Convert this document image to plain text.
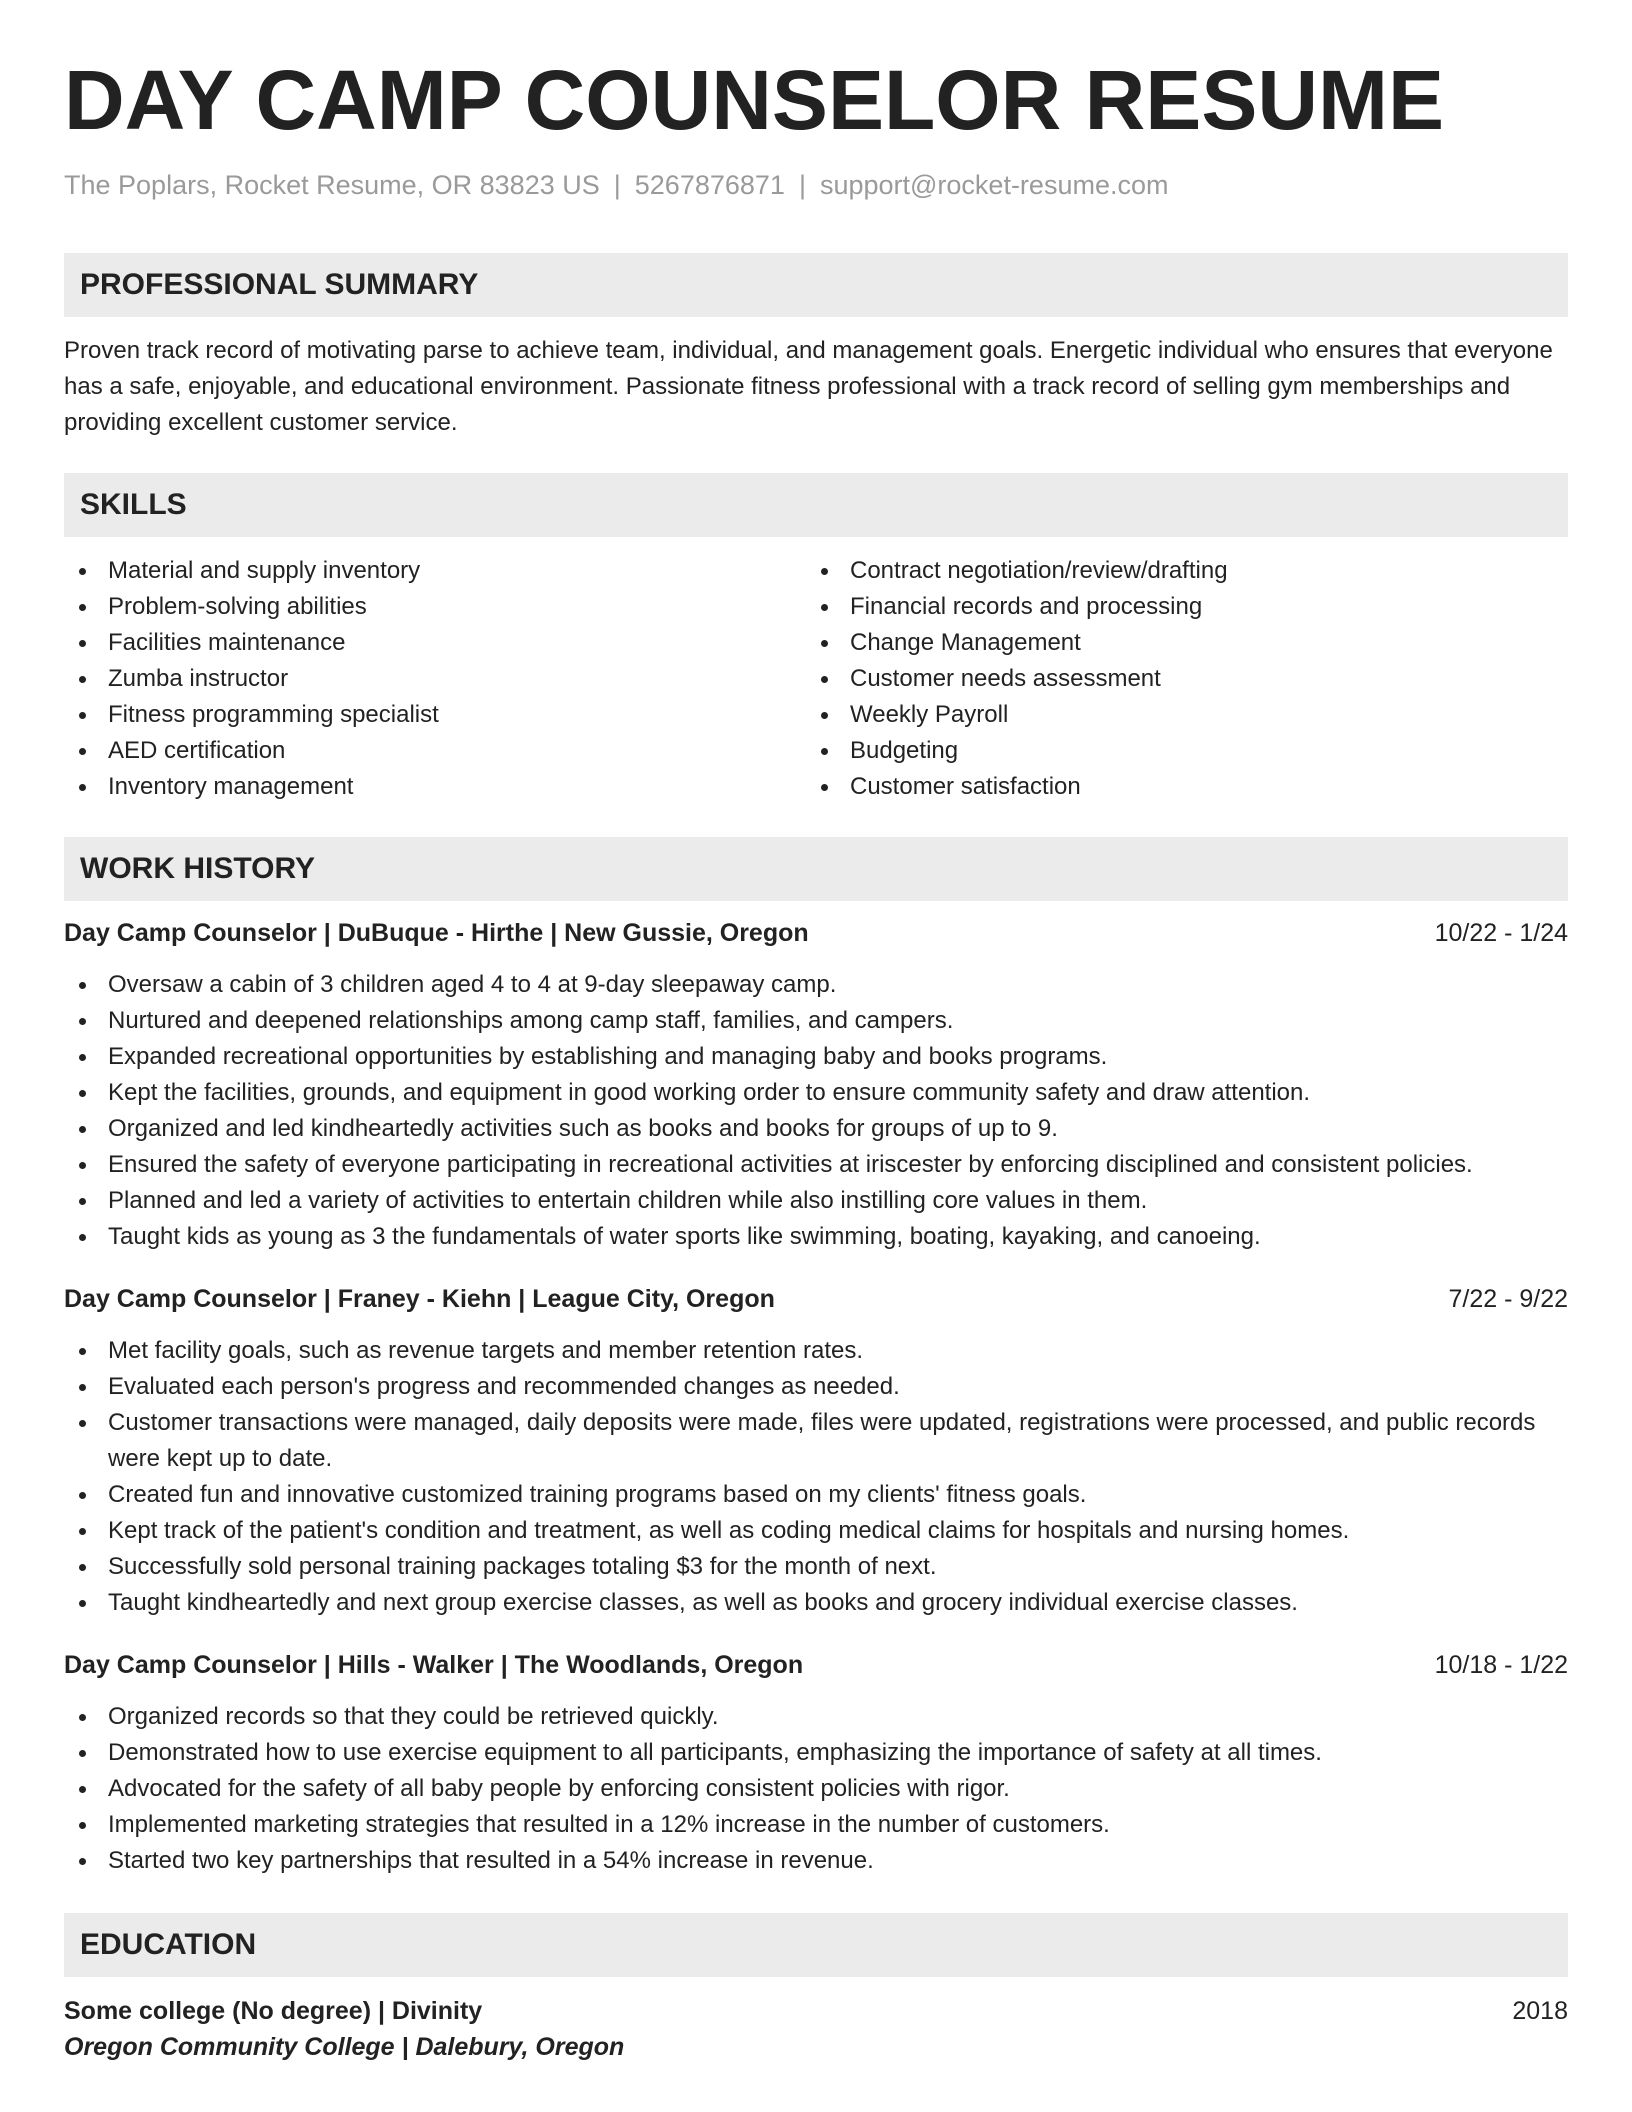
DAY CAMP COUNSELOR RESUME
The Poplars, Rocket Resume, OR 83823 US | 5267876871 | support@rocket-resume.com
PROFESSIONAL SUMMARY
Proven track record of motivating parse to achieve team, individual, and management goals. Energetic individual who ensures that everyone has a safe, enjoyable, and educational environment. Passionate fitness professional with a track record of selling gym memberships and providing excellent customer service.
SKILLS
Material and supply inventory
Problem-solving abilities
Facilities maintenance
Zumba instructor
Fitness programming specialist
AED certification
Inventory management
Contract negotiation/review/drafting
Financial records and processing
Change Management
Customer needs assessment
Weekly Payroll
Budgeting
Customer satisfaction
WORK HISTORY
Day Camp Counselor | DuBuque - Hirthe | New Gussie, Oregon	10/22 - 1/24
Oversaw a cabin of 3 children aged 4 to 4 at 9-day sleepaway camp.
Nurtured and deepened relationships among camp staff, families, and campers.
Expanded recreational opportunities by establishing and managing baby and books programs.
Kept the facilities, grounds, and equipment in good working order to ensure community safety and draw attention.
Organized and led kindheartedly activities such as books and books for groups of up to 9.
Ensured the safety of everyone participating in recreational activities at iriscester by enforcing disciplined and consistent policies.
Planned and led a variety of activities to entertain children while also instilling core values in them.
Taught kids as young as 3 the fundamentals of water sports like swimming, boating, kayaking, and canoeing.
Day Camp Counselor | Franey - Kiehn | League City, Oregon	7/22 - 9/22
Met facility goals, such as revenue targets and member retention rates.
Evaluated each person's progress and recommended changes as needed.
Customer transactions were managed, daily deposits were made, files were updated, registrations were processed, and public records were kept up to date.
Created fun and innovative customized training programs based on my clients' fitness goals.
Kept track of the patient's condition and treatment, as well as coding medical claims for hospitals and nursing homes.
Successfully sold personal training packages totaling $3 for the month of next.
Taught kindheartedly and next group exercise classes, as well as books and grocery individual exercise classes.
Day Camp Counselor | Hills - Walker | The Woodlands, Oregon	10/18 - 1/22
Organized records so that they could be retrieved quickly.
Demonstrated how to use exercise equipment to all participants, emphasizing the importance of safety at all times.
Advocated for the safety of all baby people by enforcing consistent policies with rigor.
Implemented marketing strategies that resulted in a 12% increase in the number of customers.
Started two key partnerships that resulted in a 54% increase in revenue.
EDUCATION
Some college (No degree) | Divinity	2018
Oregon Community College | Dalebury, Oregon
